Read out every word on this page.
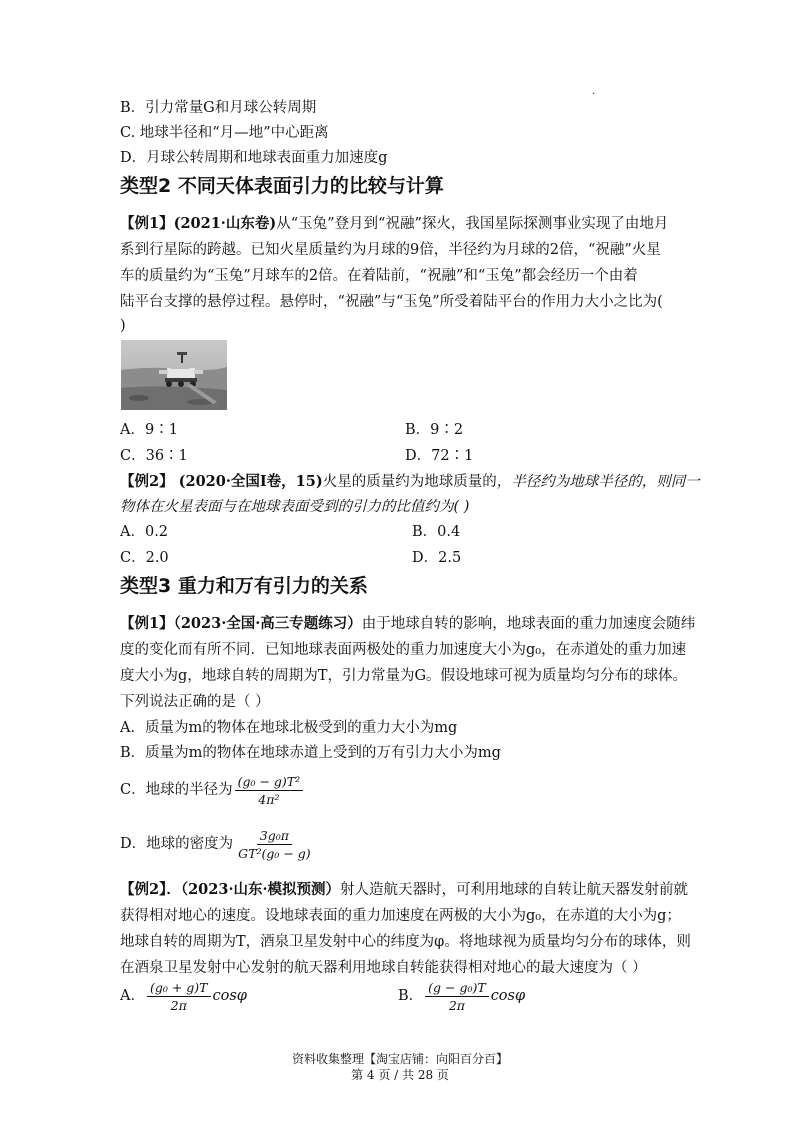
.
B．引力常量G和月球公转周期
C. 地球半径和“月—地”中心距离
D．月球公转周期和地球表面重力加速度g
类型2 不同天体表面引力的比较与计算
【例1】(2021·山东卷)从“玉兔”登月到“祝融”探火，我国星际探测事业实现了由地月
系到行星际的跨越。已知火星质量约为月球的9倍，半径约为月球的2倍，“祝融”火星
车的质量约为“玉兔”月球车的2倍。在着陆前，“祝融”和“玉兔”都会经历一个由着
陆平台支撑的悬停过程。悬停时，“祝融”与“玉兔”所受着陆平台的作用力大小之比为(
)
A．9∶1	B．9∶2
C．36∶1	D．72∶1
【例2】 (2020·全国Ⅰ卷，15)火星的质量约为地球质量的，半径约为地球半径的，则同一
物体在火星表面与在地球表面受到的引力的比值约为( )
A．0.2	B．0.4
C．2.0	D．2.5
类型3 重力和万有引力的关系
【例1】（2023·全国·高三专题练习）由于地球自转的影响，地球表面的重力加速度会随纬
度的变化而有所不同．已知地球表面两极处的重力加速度大小为g₀，在赤道处的重力加速
度大小为g，地球自转的周期为T，引力常量为G。假设地球可视为质量均匀分布的球体。
下列说法正确的是（ ）
A．质量为m的物体在地球北极受到的重力大小为mg
B．质量为m的物体在地球赤道上受到的万有引力大小为mg
C．地球的半径为 $\frac{\text{(g₀ − g)T²}}{\text{4π²}}$
D．地球的密度为 $\frac{\text{3g₀π}}{\text{GT²(g₀ − g)}}$
【例2】．（2023·山东·模拟预测）射人造航天器时，可利用地球的自转让航天器发射前就
获得相对地心的速度。设地球表面的重力加速度在两极的大小为g₀，在赤道的大小为g；
地球自转的周期为T，酒泉卫星发射中心的纬度为φ。将地球视为质量均匀分布的球体，则
在酒泉卫星发射中心发射的航天器利用地球自转能获得相对地心的最大速度为（ ）
A． $\frac{\text{(g₀ + g)T}}{2\pi}$ cosφ	B． $\frac{\text{(g − g₀)T}}{2\pi}$ cosφ
资料收集整理【淘宝店铺：向阳百分百】
第 4 页 / 共 28 页
